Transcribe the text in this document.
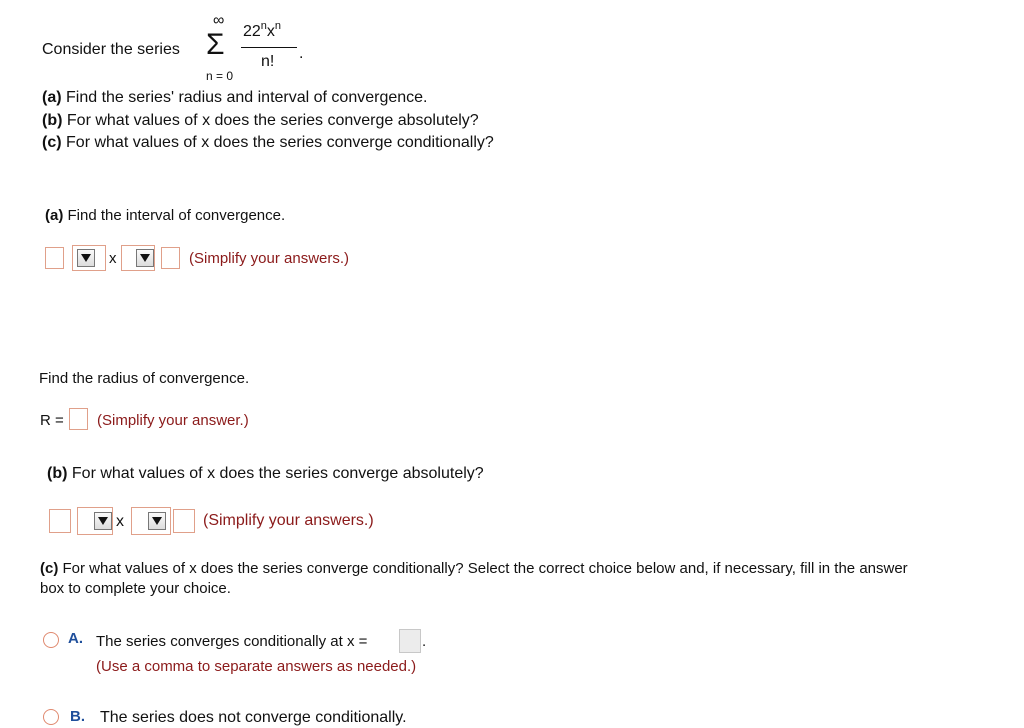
Consider the series
∞
Σ
n = 0
$22^nx^n$
n! .
(a) Find the series' radius and interval of convergence.
(b) For what values of x does the series converge absolutely?
(c) For what values of x does the series converge conditionally?
(a) Find the interval of convergence.
x	(Simplify your answers.)
Find the radius of convergence.
R = (Simplify your answer.)
(b) For what values of x does the series converge absolutely?
x	(Simplify your answers.)
(c) For what values of x does the series converge conditionally? Select the correct choice below and, if necessary, fill in the answer
box to complete your choice.
A. The series converges conditionally at x =	.
(Use a comma to separate answers as needed.)
B. The series does not converge conditionally.
